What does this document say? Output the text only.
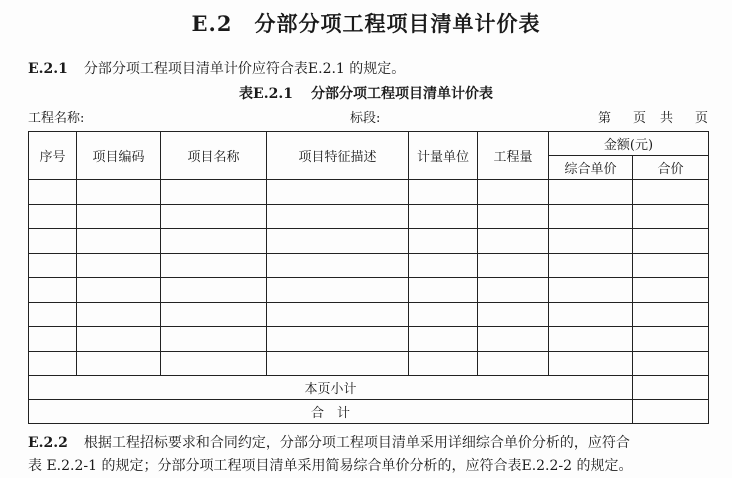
E.2 分部分项工程项目清单计价表
E.2.1 分部分项工程项目清单计价应符合表E.2.1 的规定。
表E.2.1 分部分项工程项目清单计价表
工程名称:	标段:	第 页 共 页
序号	项目编码	项目名称	项目特征描述	计量单位	工程量	金额(元)	
						综合单价	合价

本页小计							
合　计							
E.2.2 根据工程招标要求和合同约定，分部分项工程项目清单采用详细综合单价分析的，应符合
表 E.2.2-1 的规定；分部分项工程项目清单采用简易综合单价分析的，应符合表E.2.2-2 的规定。
